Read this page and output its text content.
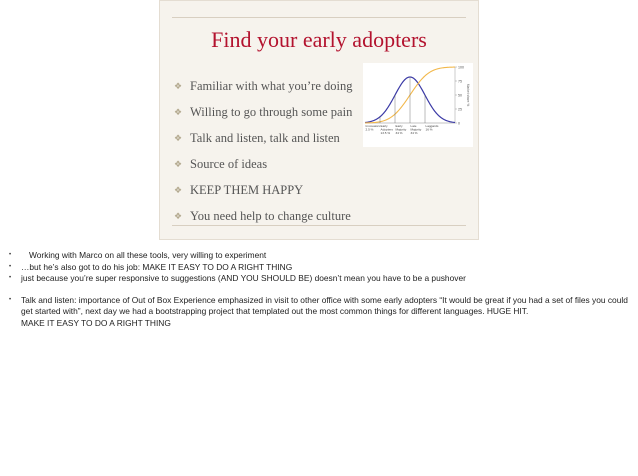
Find your early adopters
❖ Familiar with what you’re doing
❖ Willing to go through some pain
❖ Talk and listen, talk and listen
❖ Source of ideas
❖ KEEP THEM HAPPY
❖ You need help to change culture
100
75
50
25
0
Market share %
Innovators
2.5 %
Early
Adopters
13.5 %
Early
Majority
34 %
Late
Majority
34 %
Laggards
16 %
•	Working with Marco on all these tools, very willing to experiment
•	…but he’s also got to do his job: MAKE IT EASY TO DO A RIGHT THING
•	just because you’re super responsive to suggestions (AND YOU SHOULD BE) doesn’t mean you have to be a pushover
•	Talk and listen: importance of Out of Box Experience emphasized in visit to other office with some early adopters “It would be great if you had a set of files you could get started with”, next day we had a bootstrapping project that templated out the most common things for different languages. HUGE HIT.
MAKE IT EASY TO DO A RIGHT THING
